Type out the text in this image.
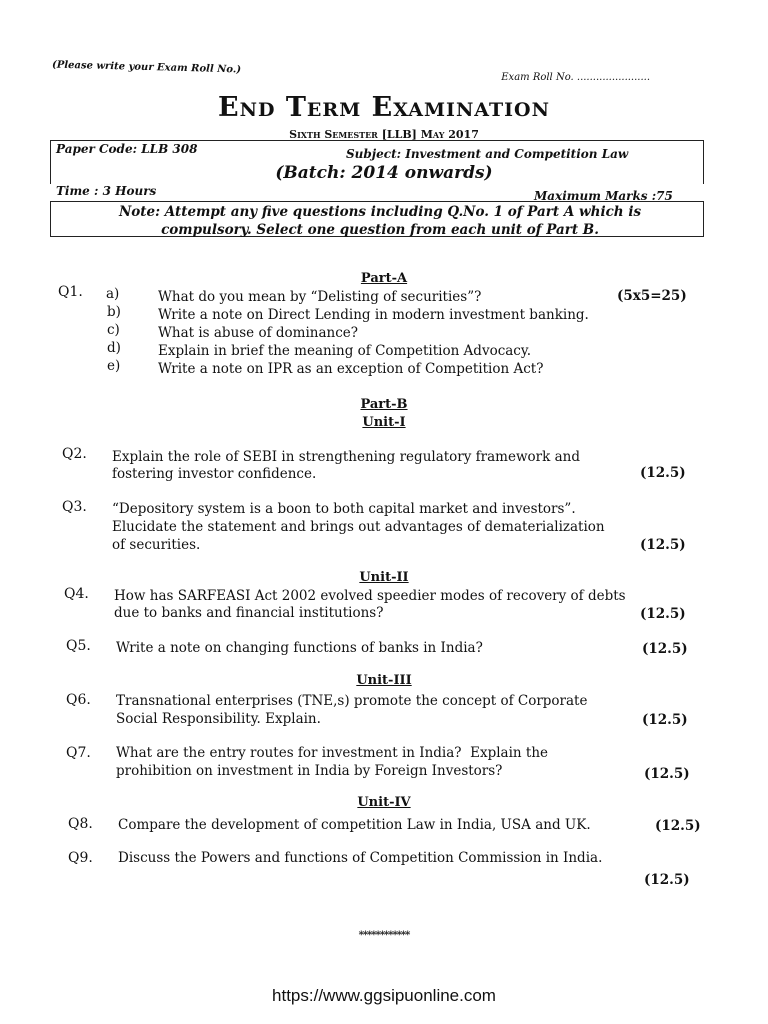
(Please write your Exam Roll No.)
Exam Roll No. .......................
End Term Examination
Sixth Semester [LLB] May 2017
Paper Code: LLB 308	Subject: Investment and Competition Law
(Batch: 2014 onwards)
Time : 3 Hours	Maximum Marks :75
Note: Attempt any five questions including Q.No. 1 of Part A which is
compulsory. Select one question from each unit of Part B.
Part-A
Q1.	(5x5=25)
a)	What do you mean by “Delisting of securities”?
b)	Write a note on Direct Lending in modern investment banking.
c)	What is abuse of dominance?
d)	Explain in brief the meaning of Competition Advocacy.
e)	Write a note on IPR as an exception of Competition Act?
Part-B
Unit-I
Q2. Explain the role of SEBI in strengthening regulatory framework and
fostering investor confidence.	(12.5)
Q3. “Depository system is a boon to both capital market and investors”.
Elucidate the statement and brings out advantages of dematerialization
of securities.	(12.5)
Unit-II
Q4. How has SARFEASI Act 2002 evolved speedier modes of recovery of debts
due to banks and financial institutions?	(12.5)
Q5. Write a note on changing functions of banks in India?	(12.5)
Unit-III
Q6. Transnational enterprises (TNE,s) promote the concept of Corporate
Social Responsibility. Explain.	(12.5)
Q7. What are the entry routes for investment in India?  Explain the
prohibition on investment in India by Foreign Investors?	(12.5)
Unit-IV
Q8. Compare the development of competition Law in India, USA and UK.	(12.5)
Q9. Discuss the Powers and functions of Competition Commission in India.
(12.5)
************
https://www.ggsipuonline.com
